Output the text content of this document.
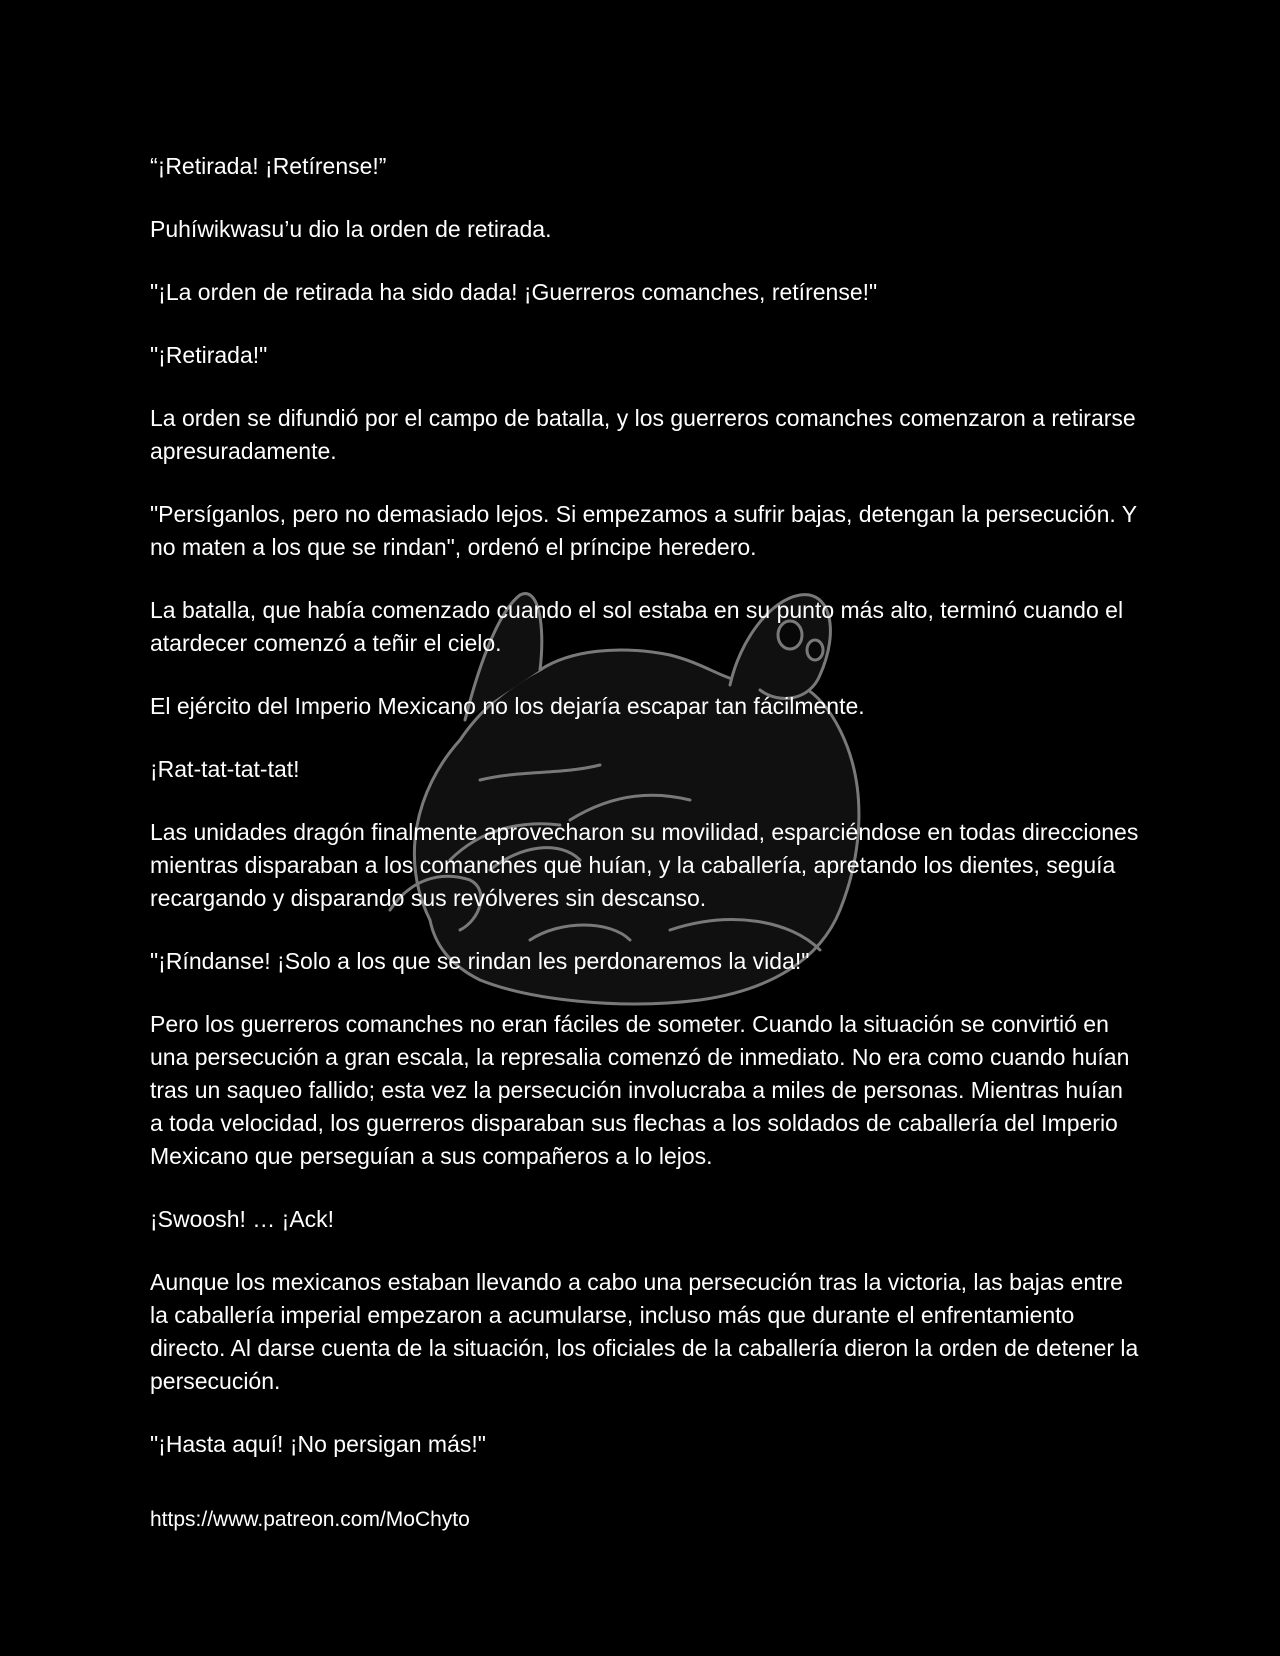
“¡Retirada! ¡Retírense!”

Puhíwikwasu’u dio la orden de retirada.

"¡La orden de retirada ha sido dada! ¡Guerreros comanches, retírense!"

"¡Retirada!"

La orden se difundió por el campo de batalla, y los guerreros comanches comenzaron a retirarse apresuradamente.

"Persíganlos, pero no demasiado lejos. Si empezamos a sufrir bajas, detengan la persecución. Y no maten a los que se rindan", ordenó el príncipe heredero.

La batalla, que había comenzado cuando el sol estaba en su punto más alto, terminó cuando el atardecer comenzó a teñir el cielo.

El ejército del Imperio Mexicano no los dejaría escapar tan fácilmente.

¡Rat-tat-tat-tat!

Las unidades dragón finalmente aprovecharon su movilidad, esparciéndose en todas direcciones mientras disparaban a los comanches que huían, y la caballería, apretando los dientes, seguía recargando y disparando sus revólveres sin descanso.

"¡Ríndanse! ¡Solo a los que se rindan les perdonaremos la vida!"

Pero los guerreros comanches no eran fáciles de someter. Cuando la situación se convirtió en una persecución a gran escala, la represalia comenzó de inmediato. No era como cuando huían tras un saqueo fallido; esta vez la persecución involucraba a miles de personas. Mientras huían a toda velocidad, los guerreros disparaban sus flechas a los soldados de caballería del Imperio Mexicano que perseguían a sus compañeros a lo lejos.

¡Swoosh! … ¡Ack!

Aunque los mexicanos estaban llevando a cabo una persecución tras la victoria, las bajas entre la caballería imperial empezaron a acumularse, incluso más que durante el enfrentamiento directo. Al darse cuenta de la situación, los oficiales de la caballería dieron la orden de detener la persecución.

"¡Hasta aquí! ¡No persigan más!"

https://www.patreon.com/MoChyto
